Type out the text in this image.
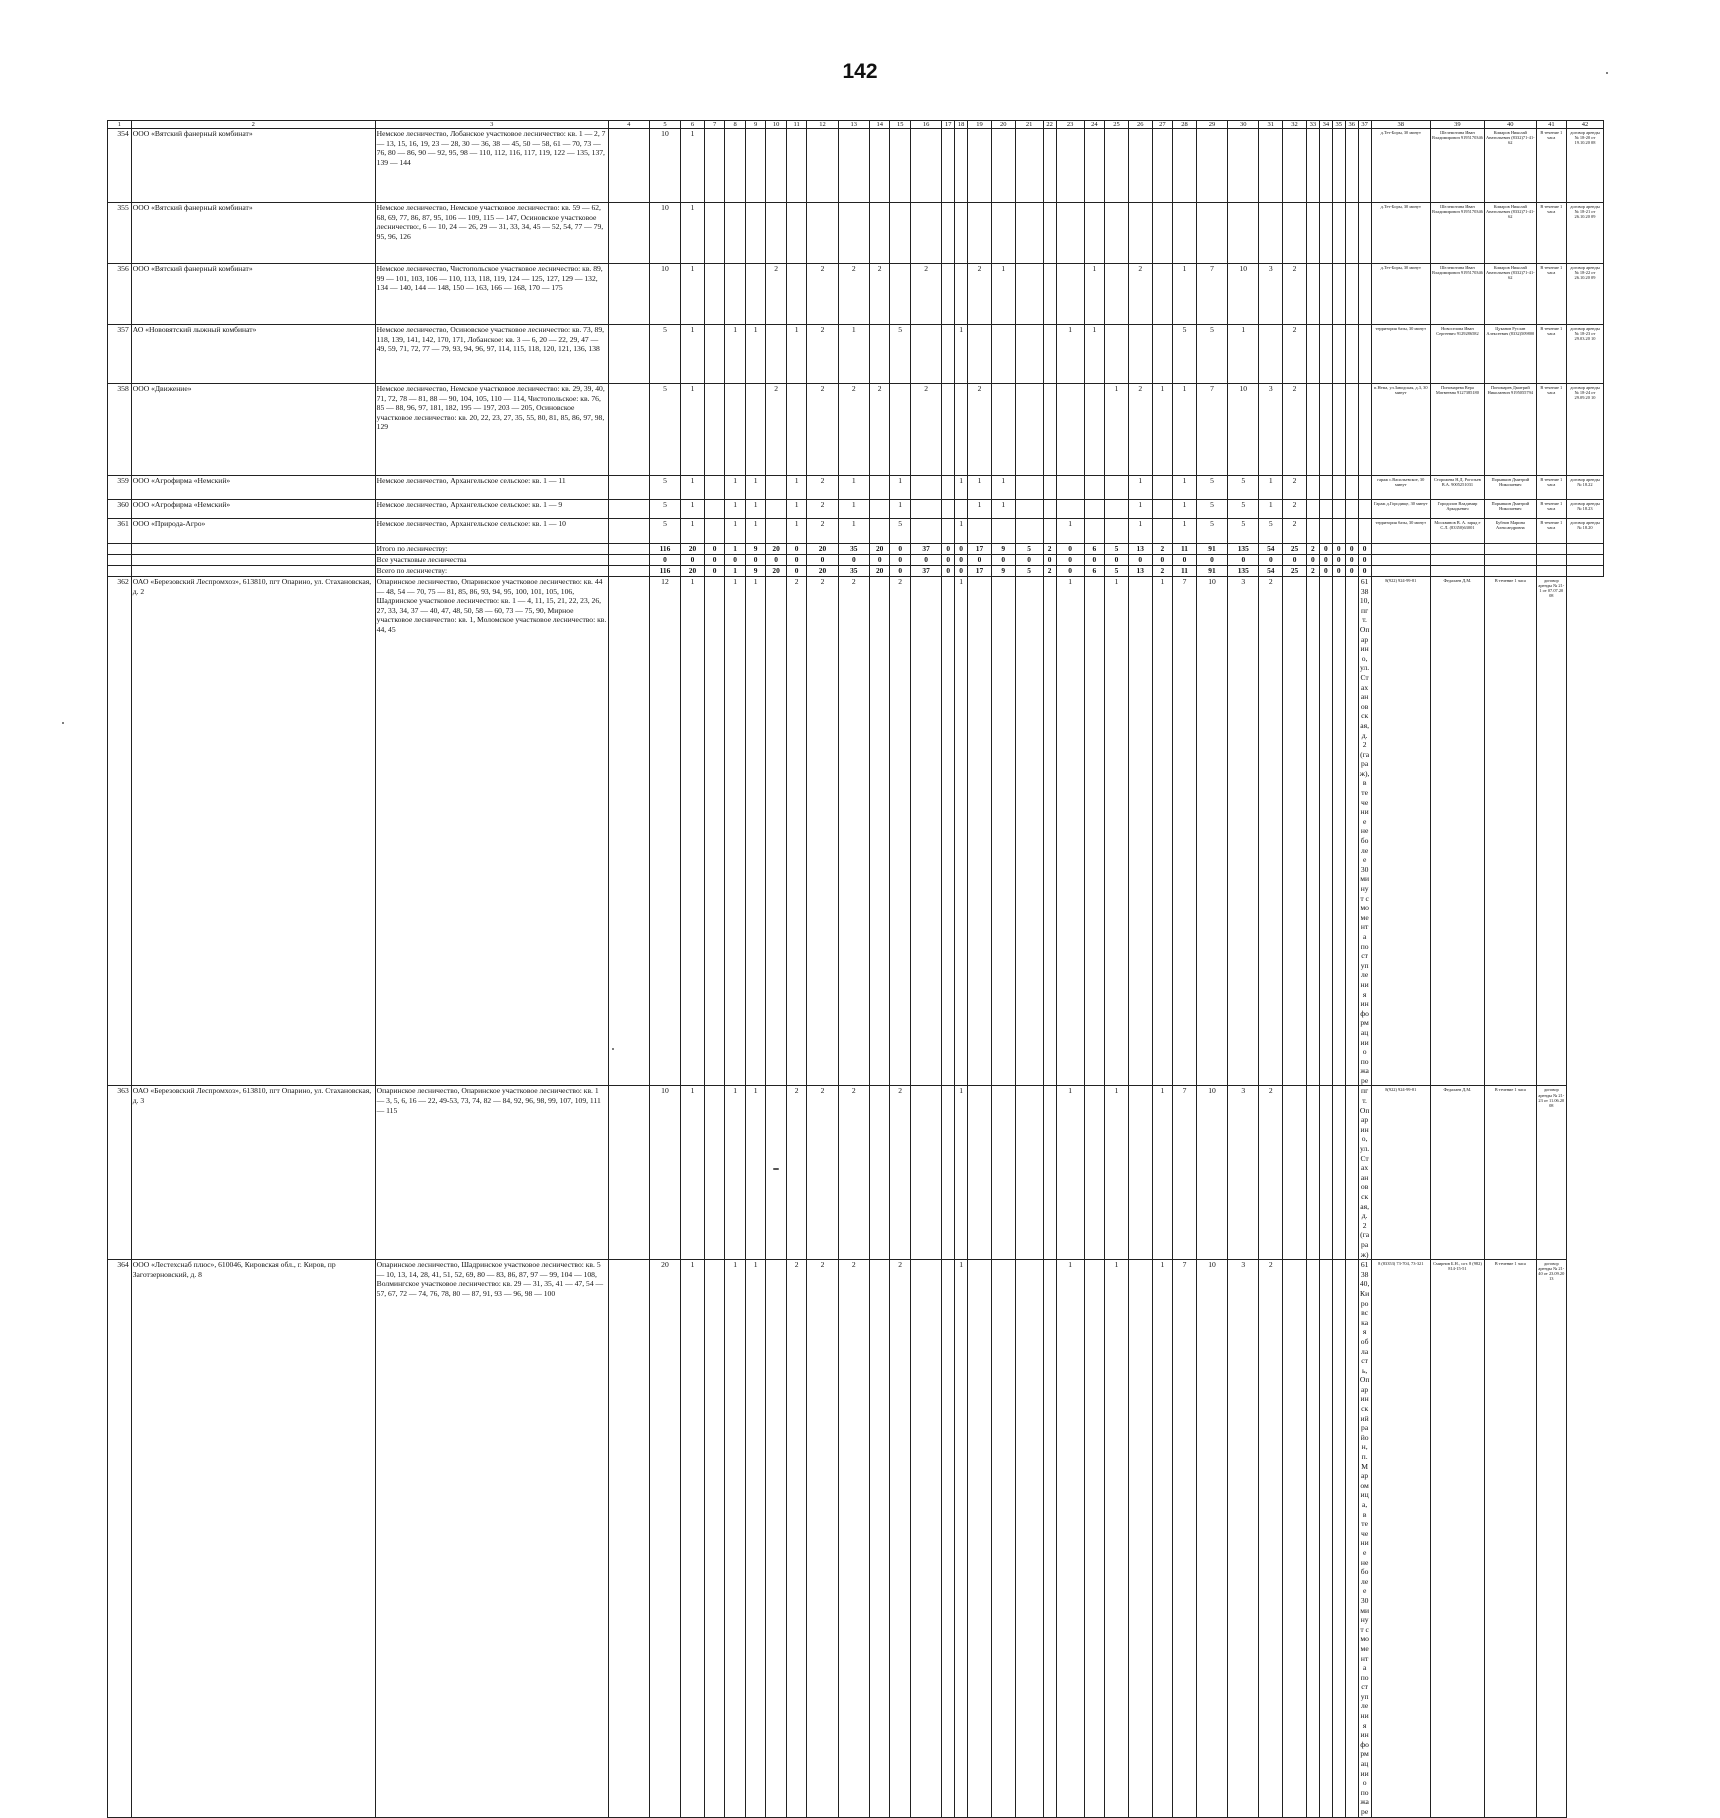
142
1	2	3	4	5	6	7	8	9	10	11	12	13	14	15	16	17	18	19	20	21	22	23	24	25	26	27	28	29	30	31	32	33	34	35	36	37	38	39	40	41	42
354	ООО «Вятский фанерный комбинат»	Немское лесничество, Лобанское участковое лесничество: кв. 1 — 2, 7 — 13, 15, 16, 19, 23 — 28, 30 — 36, 38 — 45, 50 — 58, 61 — 70, 73 — 76, 80 — 86, 90 — 92, 95, 98 — 110, 112, 116, 117, 119, 122 — 135, 137, 139 — 144		10	1																																д.Тет-Боры, 30 минут	Шелемотина Иван Владимирович 9195170346	Комаров Николай Анатольевич (8332)71-41-62	В течение 1 часа	договор аренды № 18-20 от 19.10.20 08
355	ООО «Вятский фанерный комбинат»	Немское лесничество, Немское участковое лесничество: кв. 59 — 62, 68, 69, 77, 86, 87, 95, 106 — 109, 115 — 147, Осиновское участковое лесничество:, 6 — 10, 24 — 26, 29 — 31, 33, 34, 45 — 52, 54, 77 — 79, 95, 96, 126		10	1																																д.Тет-Боры, 30 минут	Шелемотина Иван Владимирович 9195170346	Комаров Николай Анатольевич (8332)71-41-62	В течение 1 часа	договор аренды № 18-21 от 26.10.20 09
356	ООО «Вятский фанерный комбинат»	Немское лесничество, Чистопольское участковое лесничество: кв. 89, 99 — 101, 103, 106 — 110, 113, 118, 119, 124 — 125, 127, 129 — 132, 134 — 140, 144 — 148, 150 — 163, 166 — 168, 170 — 175		10	1				2		2	2	2		2			2	1				1		2		1	7	10	3	2						д.Тет-Боры, 30 минут	Шелемотина Иван Владимирович 9195170346	Комаров Николай Анатольевич (8332)71-41-62	В течение 1 часа	договор аренды № 18-22 от 26.10.20 09
357	АО «Нововятский лыжный комбинат»	Немское лесничество, Осиновское участковое лесничество: кв. 73, 89, 118, 139, 141, 142, 170, 171, Лобанское: кв. 3 — 6, 20 — 22, 29, 47 — 49, 59, 71, 72, 77 — 79, 93, 94, 96, 97, 114, 115, 118, 120, 121, 136, 138		5	1		1	1		1	2	1		5			1					1	1				5	5	1		2						территория базы, 30 минут	Новоселова Иван Сергеевич 9129286582	Цуканов Руслан Алексеевич (8332)509800	В течение 1 часа	договор аренды № 18-23 от 29.03.20 10
358	ООО «Движение»	Немское лесничество, Немское участковое лесничество: кв. 29, 39, 40, 71, 72, 78 — 81, 88 — 90, 104, 105, 110 — 114, Чистопольское: кв. 76, 85 — 88, 96, 97, 181, 182, 195 — 197, 203 — 205, Осиновское участковое лесничество: кв. 20, 22, 23, 27, 35, 55, 80, 81, 85, 86, 97, 98, 129		5	1				2		2	2	2		2			2						1	2	1	1	7	10	3	2						п.Нема, ул.Заводская, д.3, 30 минут	Пономарева Вера Матвеевна 9127385180	Пономарев Дмитрий Николаевич 9195055794	В течение 1 часа	договор аренды № 18-24 от 29.09.20 10
359	ООО «Агрофирма «Немский»	Немское лесничество, Архангельское сельское: кв. 1 — 11		5	1		1	1		1	2	1		1			1	1	1						1		1	5	5	1	2						гараж с.Васильевское, 30 минут	Сторожева Н.Д. Рогозьев В.А. 9005251031	Порывкин Дмитрий Николаевич	В течение 1 часа	договор аренды № 18.22
360	ООО «Агрофирма «Немский»	Немское лесничество, Архангельское сельское: кв. 1 — 9		5	1		1	1		1	2	1		1				1	1						1		1	5	5	1	2						Гараж д.Городище, 30 минут	Городилов Владимир Аркадьевич	Порывкин Дмитрий Николаевич	В течение 1 часа	договор аренды № 18.23
361	ООО «Природа-Агро»	Немское лесничество, Архангельское сельское: кв. 1 — 10		5	1		1	1		1	2	1		5			1					1			1		1	5	5	5	2						территория базы, 30 минут	Москвинов В. А. заряд е С.Л. (83350)63001	Бубнов Марина Александровна	В течение 1 часа	договор аренды № 18.20
		Итого по лесничеству:		116	20	0	1	9	20	0	20	35	20	0	37	0	0	17	9	5	2	0	6	5	13	2	11	91	135	54	25	2	0	0	0	0					
		Все участковые лесничества		0	0	0	0	0	0	0	0	0	0	0	0	0	0	0	0	0	0	0	0	0	0	0	0	0	0	0	0	0	0	0	0	0					
		Всего по лесничеству:		116	20	0	1	9	20	0	20	35	20	0	37	0	0	17	9	5	2	0	6	5	13	2	11	91	135	54	25	2	0	0	0	0					
362	ОАО «Березовский Леспромхоз», 613810, пгт Опарино, ул. Стахановская, д. 2	Опаринское лесничество, Опаринское участковое лесничество: кв. 44 — 48, 54 — 70, 75 — 81, 85, 86, 93, 94, 95, 100, 101, 105, 106, Шадринское участковое лесничество: кв. 1 — 4, 11, 15, 21, 22, 23, 26, 27, 33, 34, 37 — 40, 47, 48, 50, 58 — 60, 73 — 75, 90, Мирное участковое лесничество: кв. 1, Моломское участковое лесничество: кв. 44, 45		12	1		1	1		2	2	2		2			1					1		1		1	7	10	3	2						613810, пгт. Опарино, ул. Стахановская, д. 2 (гараж), в течение не более 30 минут с момента поступления информации о пожаре	8(922) 924-99-81	Федалаев Д.М.	В течение 1 часа	договор аренды № 21-1 от 07.07.20 08	
363	ОАО «Березовский Леспромхоз», 613810, пгт Опарино, ул. Стахановская, д. 3	Опаринское лесничество, Опаринское участковое лесничество: кв. 1 — 3, 5, 6, 16 — 22, 49-53, 73, 74, 82 — 84, 92, 96, 98, 99, 107, 109, 111 — 115		10	1		1	1		2	2	2		2			1					1		1		1	7	10	3	2						пгт. Опарино, ул. Стахановская, д. 2 (гараж)	8(922) 924-99-81	Федалаев Д.М.	В течение 1 часа	договор аренды № 21-23 от 11.06.20 08	
364	ООО «Лестехснаб плюс», 610046, Кировская обл., г. Киров, пр Заготзерновский, д. 8	Опаринское лесничество, Шадринское участковое лесничество: кв. 5 — 10, 13, 14, 28, 41, 51, 52, 69, 80 — 83, 86, 87, 97 — 99, 104 — 108, Волмингское участковое лесничество: кв. 29 — 31, 35, 41 — 47, 54 — 57, 67, 72 — 74, 76, 78, 80 — 87, 91, 93 — 96, 98 — 100		20	1		1	1		2	2	2		2			1					1		1		1	7	10	3	2						613840, Кировская область, Опаринский район, п. Маромица, в течение не более 30 минут с момента поступления информации о пожаре	8 (83353) 73-704, 73-321	Смирнов Б.Н., сот. 8 (982) 814-15-51	В течение 1 часа	договор аренды № 21-40 от 23.09.20 13	
